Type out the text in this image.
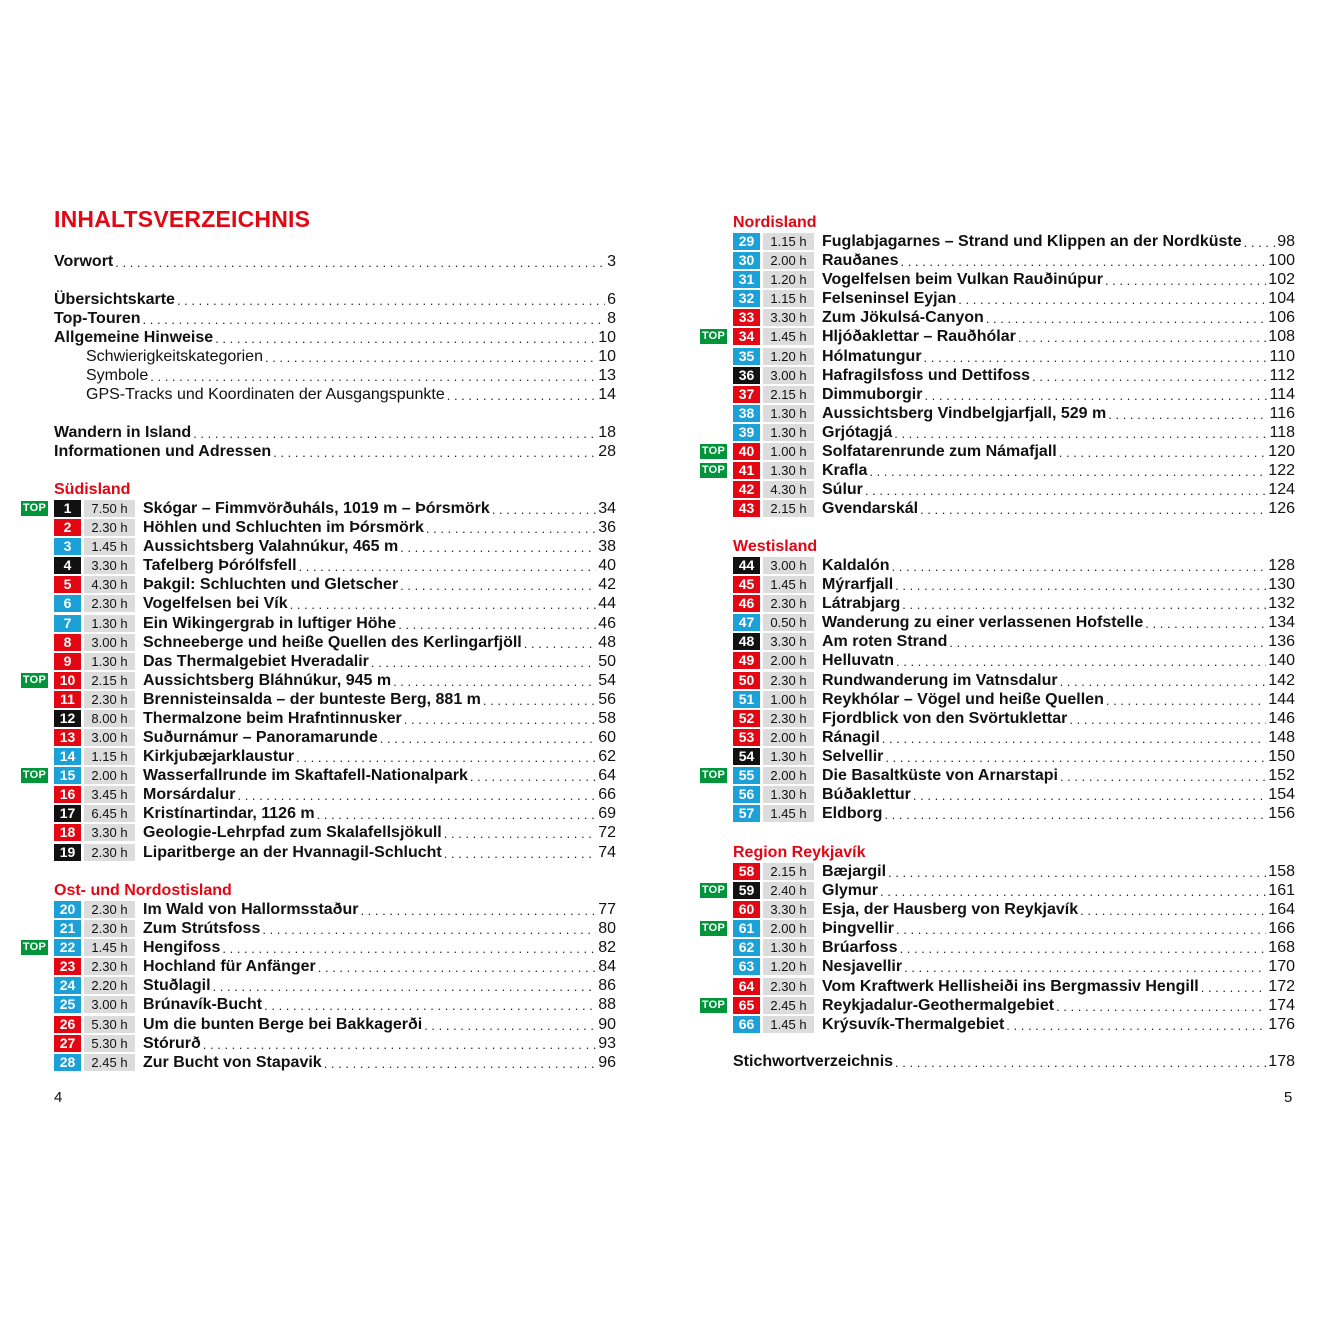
INHALTSVERZEICHNIS
Vorwort . . .	3
Übersichtskarte . . .	6
Top-Touren . . .	8
Allgemeine Hinweise . . .	10
Schwierigkeitskategorien . . .	10
Symbole . . .	13
GPS-Tracks und Koordinaten der Ausgangspunkte . . .	14
Wandern in Island . . .	18
Informationen und Adressen . . .	28
Südisland
TOP	1	7.50 h Skógar – Fimmvörðuháls, 1019 m – Þórsmörk . . .	34
2	2.30 h Höhlen und Schluchten im Þórsmörk . . .	36
3	1.45 h Aussichtsberg Valahnúkur, 465 m . . .	38
4	3.30 h Tafelberg Þórólfsfell . . .	40
5	4.30 h Þakgil: Schluchten und Gletscher . . .	42
6	2.30 h Vogelfelsen bei Vík . . .	44
7	1.30 h Ein Wikingergrab in luftiger Höhe . . .	46
8	3.00 h Schneeberge und heiße Quellen des Kerlingarfjöll . . .	48
9	1.30 h Das Thermalgebiet Hveradalir . . .	50
TOP 10	2.15 h Aussichtsberg Bláhnúkur, 945 m . . .	54
11	2.30 h Brennisteinsalda – der bunteste Berg, 881 m . . .	56
12	8.00 h Thermalzone beim Hrafntinnusker . . .	58
13	3.00 h Suðurnámur – Panoramarunde . . .	60
14	1.15 h Kirkjubæjarklaustur . . .	62
TOP 15	2.00 h Wasserfallrunde im Skaftafell-Nationalpark . . .	64
16	3.45 h Morsárdalur . . .	66
17	6.45 h Kristínartindar, 1126 m . . .	69
18	3.30 h Geologie-Lehrpfad zum Skalafellsjökull . . .	72
19	2.30 h Liparitberge an der Hvannagil-Schlucht . . .	74
Ost- und Nordostisland
20	2.30 h Im Wald von Hallormsstaður . . .	77
21	2.30 h Zum Strútsfoss . . .	80
TOP 22	1.45 h Hengifoss . . .	82
23	2.30 h Hochland für Anfänger . . .	84
24	2.20 h Stuðlagil . . .	86
25	3.00 h Brúnavík-Bucht . . .	88
26	5.30 h Um die bunten Berge bei Bakkagerði . . .	90
27	5.30 h Stórurð . . .	93
28	2.45 h Zur Bucht von Stapavik . . .	96
Nordisland
29	1.15 h Fuglabjagarnes – Strand und Klippen an der Nordküste . . . 98
30	2.00 h Rauðanes . . .	100
31	1.20 h Vogelfelsen beim Vulkan Rauðinúpur . . .	102
32	1.15 h Felseninsel Eyjan . . .	104
33	3.30 h Zum Jökulsá-Canyon . . .	106
TOP 34	1.45 h Hljóðaklettar – Rauðhólar . . .	108
35	1.20 h Hólmatungur . . .	110
36	3.00 h Hafragilsfoss und Dettifoss . . .	112
37	2.15 h Dimmuborgir . . .	114
38	1.30 h Aussichtsberg Vindbelgjarfjall, 529 m . . .	116
39	1.30 h Grjótagjá . . .	118
TOP 40	1.00 h Solfatarenrunde zum Námafjall . . .	120
TOP 41	1.30 h Krafla . . .	122
42	4.30 h Súlur . . .	124
43	2.15 h Gvendarskál . . .	126
Westisland
44	3.00 h Kaldalón . . .	128
45	1.45 h Mýrarfjall . . .	130
46	2.30 h Látrabjarg . . .	132
47	0.50 h Wanderung zu einer verlassenen Hofstelle . . .	134
48	3.30 h Am roten Strand . . .	136
49	2.00 h Helluvatn . . .	140
50	2.30 h Rundwanderung im Vatnsdalur . . .	142
51	1.00 h Reykhólar – Vögel und heiße Quellen . . .	144
52	2.30 h Fjordblick von den Svörtuklettar . . .	146
53	2.00 h Ránagil . . .	148
54	1.30 h Selvellir . . .	150
TOP 55	2.00 h Die Basaltküste von Arnarstapi . . .	152
56	1.30 h Búðaklettur . . .	154
57	1.45 h Eldborg . . .	156
Region Reykjavík
58	2.15 h Bæjargil . . .	158
TOP 59	2.40 h Glymur . . .	161
60	3.30 h Esja, der Hausberg von Reykjavík . . .	164
TOP 61	2.00 h Þingvellir . . .	166
62	1.30 h Brúarfoss . . .	168
63	1.20 h Nesjavellir . . .	170
64	2.30 h Vom Kraftwerk Hellisheiði ins Bergmassiv Hengill . . .	172
TOP 65	2.45 h Reykjadalur-Geothermalgebiet . . .	174
66	1.45 h Krýsuvík-Thermalgebiet . . .	176
Stichwortverzeichnis . . .	178
4	5
